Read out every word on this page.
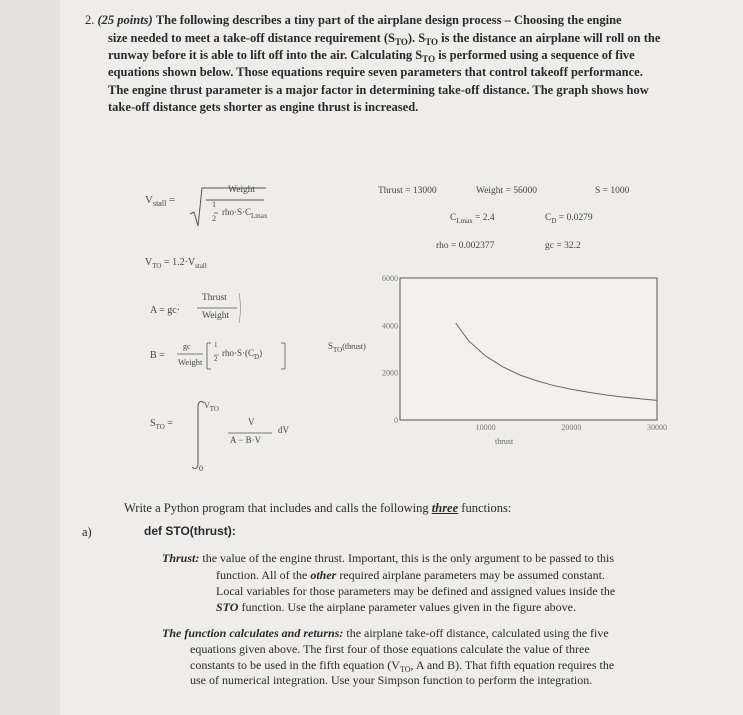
2. (25 points) The following describes a tiny part of the airplane design process – Choosing the engine
size needed to meet a take-off distance requirement $(S_{TO})$. $S_{TO}$ is the distance an airplane will roll on the
runway before it is able to lift off into the air. Calculating $S_{TO}$ is performed using a sequence of five
equations shown below. Those equations require seven parameters that control takeoff performance.
The engine thrust parameter is a major factor in determining take-off distance. The graph shows how
take-off distance gets shorter as engine thrust is increased.
$V_{stall}$ =
Weight
1
2
$rho\cdot S\cdot C_{Lmax}$
$V_{TO} = 1.2\cdot V_{stall}$
A = gc·
Thrust
Weight
B =
gc
Weight
1
2
$rho\cdot S\cdot(C_D)$
$S_{TO}$ =
VTO
0
V
A − B·V
dV
Thrust = 13000	Weight = 56000	S = 1000
$C_{Lmax} = 2.4$	$C_D = 0.0279$
rho = 0.002377	gc = 32.2
6000
4000
2000
0
10000	20000	30000
$S_{TO}(thrust)$
thrust
Write a Python program that includes and calls the following three functions:
a)	def STO(thrust):
Thrust: the value of the engine thrust. Important, this is the only argument to be passed to this
function. All of the other required airplane parameters may be assumed constant.
Local variables for those parameters may be defined and assigned values inside the
STO function. Use the airplane parameter values given in the figure above.
The function calculates and returns: the airplane take-off distance, calculated using the five
equations given above. The first four of those equations calculate the value of three
constants to be used in the fifth equation ($V_{TO}$, A and B). That fifth equation requires the
use of numerical integration. Use your Simpson function to perform the integration.
